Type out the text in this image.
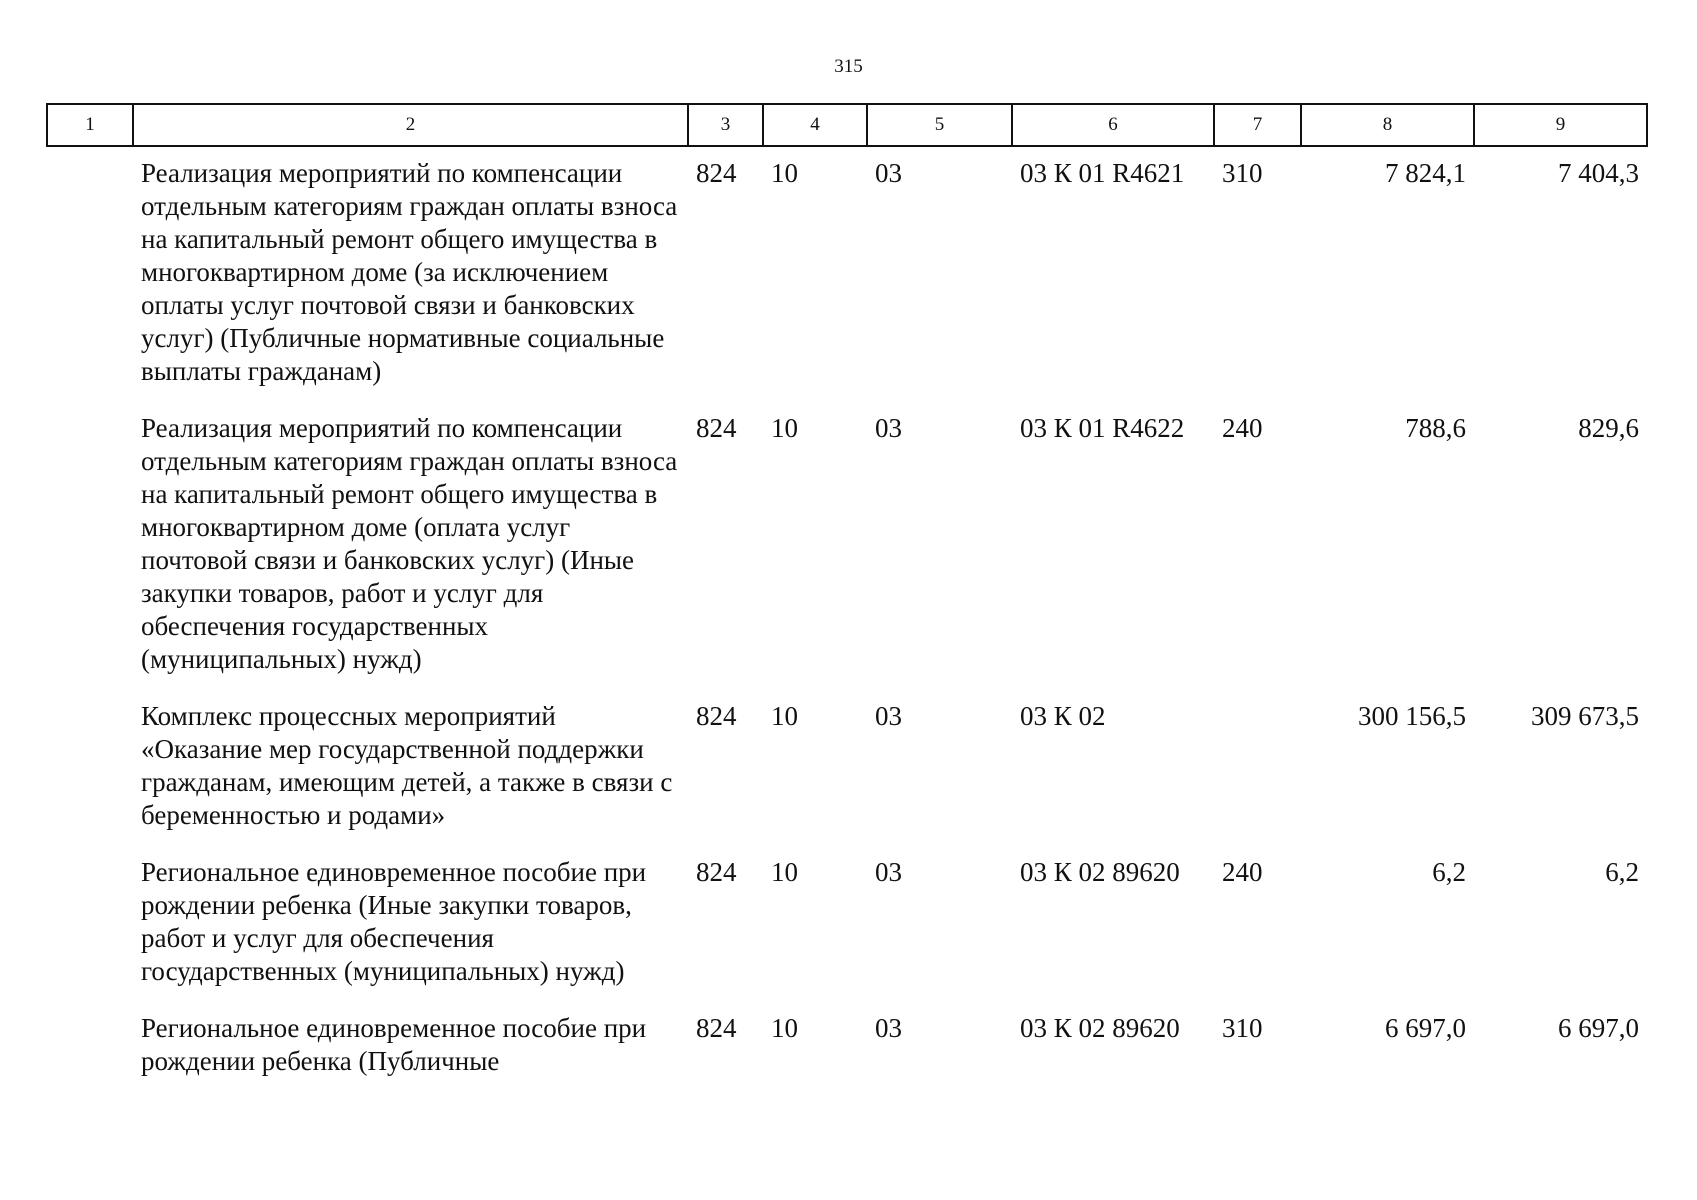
315
1	2	3	4	5	6	7	8	9
	Реализация мероприятий по компенсации отдельным категориям граждан оплаты взноса на капитальный ремонт общего имущества в многоквартирном доме (за исключением оплаты услуг почтовой связи и банковских услуг) (Публичные нормативные социальные выплаты гражданам)	824	10	03	03 К 01 R4621	310	7 824,1	7 404,3
	Реализация мероприятий по компенсации отдельным категориям граждан оплаты взноса на капитальный ремонт общего имущества в многоквартирном доме (оплата услуг почтовой связи и банковских услуг) (Иные закупки товаров, работ и услуг для обеспечения государственных (муниципальных) нужд)	824	10	03	03 К 01 R4622	240	788,6	829,6
	Комплекс процессных мероприятий «Оказание мер государственной поддержки гражданам, имеющим детей, а также в связи с беременностью и родами»	824	10	03	03 К 02		300 156,5	309 673,5
	Региональное единовременное пособие при рождении ребенка (Иные закупки товаров, работ и услуг для обеспечения государственных (муниципальных) нужд)	824	10	03	03 К 02 89620	240	6,2	6,2
	Региональное единовременное пособие при рождении ребенка (Публичные	824	10	03	03 К 02 89620	310	6 697,0	6 697,0
